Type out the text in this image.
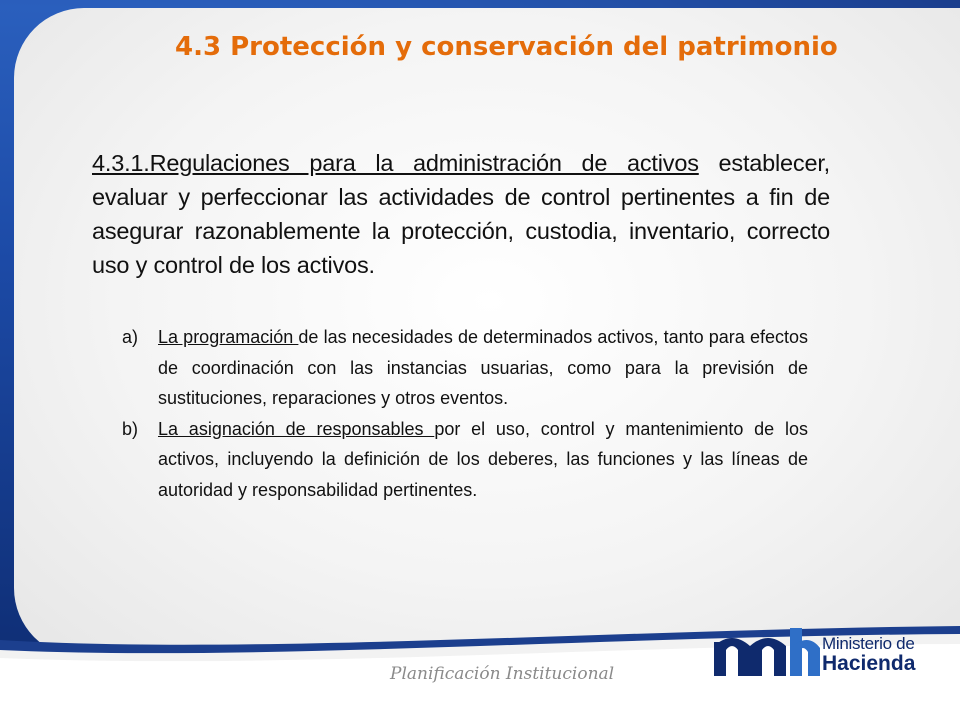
4.3 Protección y conservación del patrimonio

4.3.1.Regulaciones para la administración de activos establecer, evaluar y perfeccionar las actividades de control pertinentes a fin de asegurar razonablemente la protección, custodia, inventario, correcto uso y control de los activos.

a)	La programación de las necesidades de determinados activos, tanto para efectos de coordinación con las instancias usuarias, como para la previsión de sustituciones, reparaciones y otros eventos.
b)	La asignación de responsables por el uso, control y mantenimiento de los activos, incluyendo la definición de los deberes, las funciones y las líneas de autoridad y responsabilidad pertinentes.
Ministerio de
Hacienda
Planificación Institucional
